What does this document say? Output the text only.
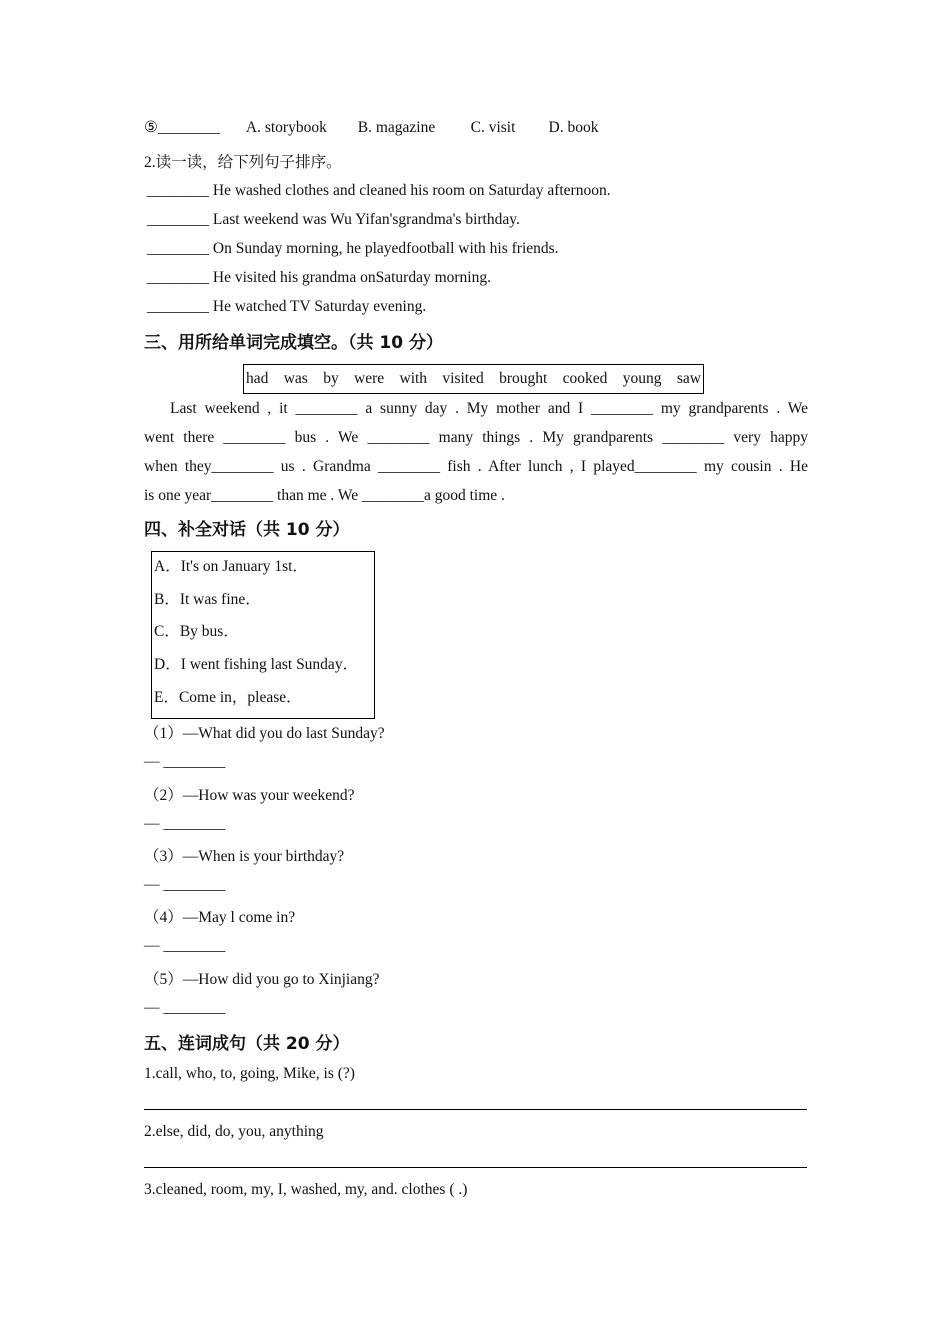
⑤________ A. storybook B. magazine C. visit D. book
2.读一读，给下列句子排序。
________ He washed clothes and cleaned his room on Saturday afternoon.
________ Last weekend was Wu Yifan'sgrandma's birthday.
________ On Sunday morning, he playedfootball with his friends.
________ He visited his grandma onSaturday morning.
________ He watched TV Saturday evening.
三、用所给单词完成填空。（共 10 分）
had was by were with visited brought cooked young saw

Last weekend , it ________ a sunny day . My mother and I ________ my grandparents . We

went there ________ bus . We ________ many things . My grandparents ________ very happy

when they________ us . Grandma ________ fish . After lunch , I played________ my cousin . He

is one year________ than me . We ________a good time .

四、补全对话（共 10 分）
A．It's on January 1st．
B．It was fine．
C．By bus．
D．I went fishing last Sunday．
E．Come in，please．
（1）—What did you do last Sunday?
— ________
（2）—How was your weekend?
— ________
（3）—When is your birthday?
— ________
（4）—May l come in?
— ________
（5）—How did you go to Xinjiang?
— ________
五、连词成句（共 20 分）
1.call, who, to, going, Mike, is (?)
2.else, did, do, you, anything
3.cleaned, room, my, I, washed, my, and. clothes ( .)
